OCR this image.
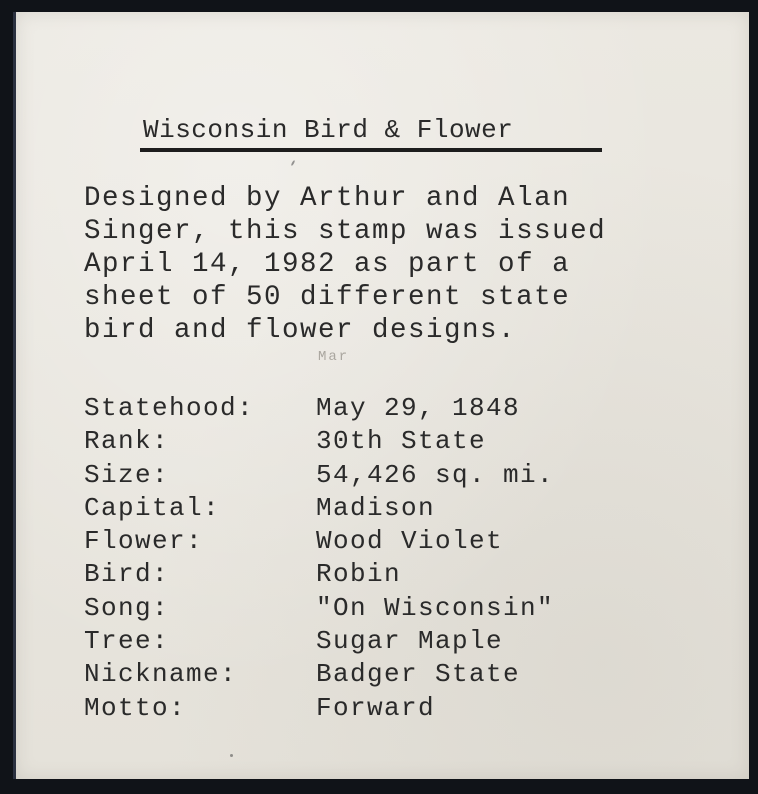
Wisconsin Bird & Flower
Designed by Arthur and Alan
Singer, this stamp was issued
April 14, 1982 as part of a
sheet of 50 different state
bird and flower designs.
Mar
Statehood:	May 29, 1848
Rank:	30th State
Size:	54,426 sq. mi.
Capital:	Madison
Flower:	Wood Violet
Bird:	Robin
Song:	"On Wisconsin"
Tree:	Sugar Maple
Nickname:	Badger State
Motto:	Forward
